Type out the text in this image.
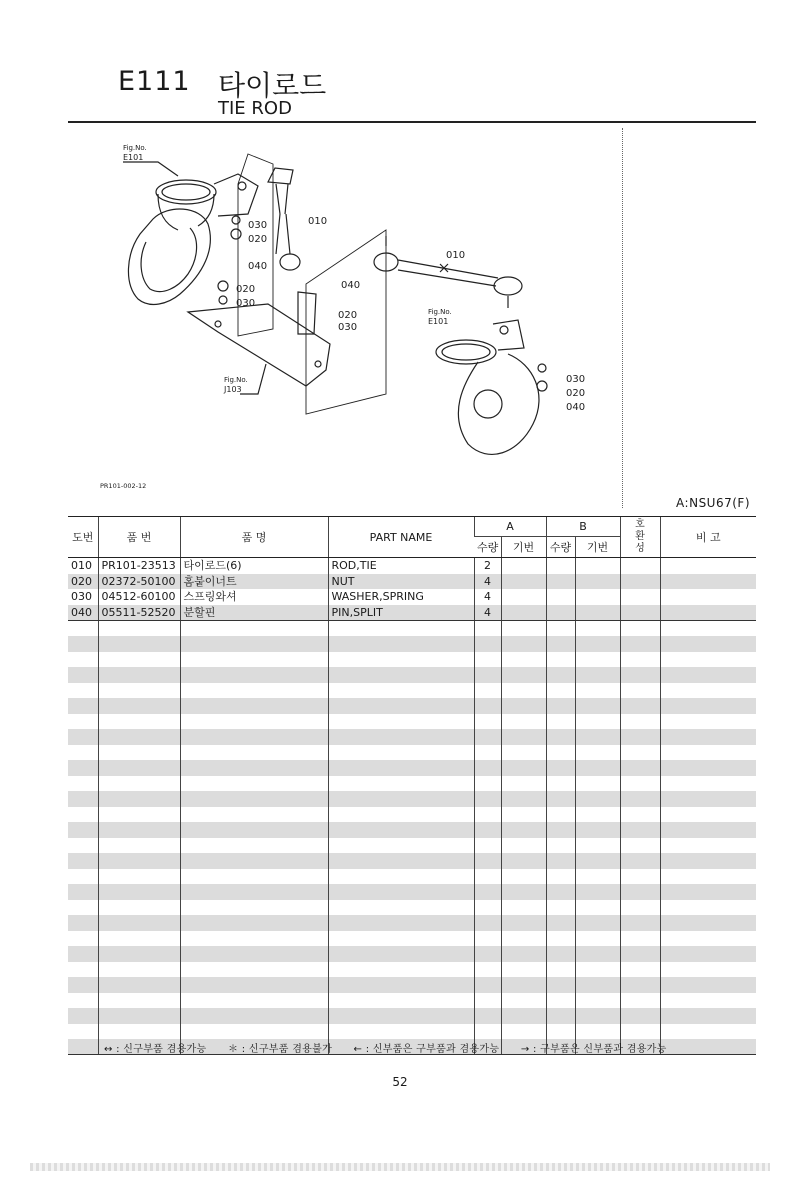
E111 타이로드
TIE ROD
Fig.No.
E101
030
020
040
010
020
030
Fig.No.
J103
040
020
030
010
Fig.No.
E101
030
020
040
PR101-002-12
A:NSU67(F)
도번	품 번	품 명	PART NAME	A		B		호
환
성	비 고
				수량	기번	수량	기번		
010	PR101-23513	타이로드(6)	ROD,TIE	2					
020	02372-50100	홈붙이너트	NUT	4					
030	04512-60100	스프링와셔	WASHER,SPRING	4					
040	05511-52520	분할핀	PIN,SPLIT	4					

↔ : 신구부품 겸용가능 ＊ : 신구부품 겸용불가 ← : 신부품은 구부품과 겸용가능 → : 구부품은 신부품과 겸용가능
52
